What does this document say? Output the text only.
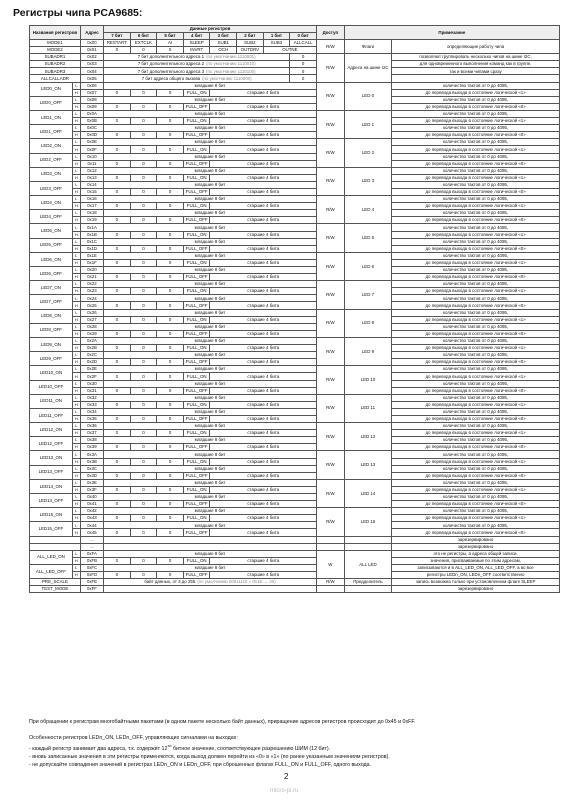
Регистры чипа PCA9685:
Названия регистров		Адрес	Данные регистров								Доступ	Примечание	
			7 бит	6 бит	5 бит	4 бит	3 бит	2 бит	1 бит	0 бит			
MODE1		0x00	RESTART	EXTCLK	AI	SLEEP	SUB1	SUB2	SUB3	ALLCALL	R/W	Флаги	определяющие работу чипа
MODE2		0x01	0	0	0	INVRT	OCH	OUTDRV	OUTNE				
SUBADR1		0x02	7 бит дополнительного адреса 1 (по умолчанию 1110001)							0	R/W	Адреса на шине I2C	позволяют группировать несколько чипов на шине I2C,
SUBADR2		0x03	7 бит дополнительного адреса 2 (по умолчанию 1110010)							0			для одновременного выполнения команд как в группе,
SUBADR3		0x04	7 бит дополнительного адреса 3 (по умолчанию 1110100)							0			так и всеми чипами сразу
ALLCALLADR		0x05	7 бит адреса общего вызова (по умолчанию 1110000)							0			
LED0_ON	L	0x06	младшие 8 бит								R/W	LED 0	количество тактов от 0 до 4095,
	H	0x07	0	0	0	FULL_ON	старшие 4 бита						до перевода выхода в состояние логической «1»
LED0_OFF	L	0x08	младшие 8 бит										количество тактов от 0 до 4095,
	H	0x09	0	0	0	FULL_OFF	старшие 4 бита						до перевода выхода в состояние логической «0»
LED1_ON	L	0x0A	младшие 8 бит								R/W	LED 1	количество тактов от 0 до 4095,
	H	0x0B	0	0	0	FULL_ON	старшие 4 бита						до перевода выхода в состояние логической «1»
LED1_OFF	L	0x0C	младшие 8 бит										количество тактов от 0 до 4095,
	H	0x0D	0	0	0	FULL_OFF	старшие 4 бита						до перевода выхода в состояние логической «0»
LED2_ON	L	0x0E	младшие 8 бит								R/W	LED 2	количество тактов от 0 до 4095,
	H	0x0F	0	0	0	FULL_ON	старшие 4 бита						до перевода выхода в состояние логической «1»
LED2_OFF	L	0x10	младшие 8 бит										количество тактов от 0 до 4095,
	H	0x11	0	0	0	FULL_OFF	старшие 4 бита						до перевода выхода в состояние логической «0»
LED3_ON	L	0x12	младшие 8 бит								R/W	LED 3	количество тактов от 0 до 4095,
	H	0x13	0	0	0	FULL_ON	старшие 4 бита						до перевода выхода в состояние логической «1»
LED3_OFF	L	0x14	младшие 8 бит										количество тактов от 0 до 4095,
	H	0x15	0	0	0	FULL_OFF	старшие 4 бита						до перевода выхода в состояние логической «0»
LED4_ON	L	0x16	младшие 8 бит								R/W	LED 4	количество тактов от 0 до 4095,
	H	0x17	0	0	0	FULL_ON	старшие 4 бита						до перевода выхода в состояние логической «1»
LED4_OFF	L	0x18	младшие 8 бит										количество тактов от 0 до 4095,
	H	0x19	0	0	0	FULL_OFF	старшие 4 бита						до перевода выхода в состояние логической «0»
LED5_ON	L	0x1A	младшие 8 бит								R/W	LED 5	количество тактов от 0 до 4095,
	H	0x1B	0	0	0	FULL_ON	старшие 4 бита						до перевода выхода в состояние логической «1»
LED5_OFF	L	0x1C	младшие 8 бит										количество тактов от 0 до 4095,
	H	0x1D	0	0	0	FULL_OFF	старшие 4 бита						до перевода выхода в состояние логической «0»
LED6_ON	L	0x1E	младшие 8 бит								R/W	LED 6	количество тактов от 0 до 4095,
	H	0x1F	0	0	0	FULL_ON	старшие 4 бита						до перевода выхода в состояние логической «1»
LED6_OFF	L	0x20	младшие 8 бит										количество тактов от 0 до 4095,
	H	0x21	0	0	0	FULL_OFF	старшие 4 бита						до перевода выхода в состояние логической «0»
LED7_ON	L	0x22	младшие 8 бит								R/W	LED 7	количество тактов от 0 до 4095,
	H	0x23	0	0	0	FULL_ON	старшие 4 бита						до перевода выхода в состояние логической «1»
LED7_OFF	L	0x24	младшие 8 бит										количество тактов от 0 до 4095,
	H	0x25	0	0	0	FULL_OFF	старшие 4 бита						до перевода выхода в состояние логической «0»
LED8_ON	L	0x26	младшие 8 бит								R/W	LED 8	количество тактов от 0 до 4095,
	H	0x27	0	0	0	FULL_ON	старшие 4 бита						до перевода выхода в состояние логической «1»
LED8_OFF	L	0x28	младшие 8 бит										количество тактов от 0 до 4095,
	H	0x29	0	0	0	FULL_OFF	старшие 4 бита						до перевода выхода в состояние логической «0»
LED9_ON	L	0x2A	младшие 8 бит								R/W	LED 9	количество тактов от 0 до 4095,
	H	0x2B	0	0	0	FULL_ON	старшие 4 бита						до перевода выхода в состояние логической «1»
LED9_OFF	L	0x2C	младшие 8 бит										количество тактов от 0 до 4095,
	H	0x2D	0	0	0	FULL_OFF	старшие 4 бита						до перевода выхода в состояние логической «0»
LED10_ON	L	0x2E	младшие 8 бит								R/W	LED 10	количество тактов от 0 до 4095,
	H	0x2F	0	0	0	FULL_ON	старшие 4 бита						до перевода выхода в состояние логической «1»
LED10_OFF	L	0x30	младшие 8 бит										количество тактов от 0 до 4095,
	H	0x31	0	0	0	FULL_OFF	старшие 4 бита						до перевода выхода в состояние логической «0»
LED11_ON	L	0x32	младшие 8 бит								R/W	LED 11	количество тактов от 0 до 4095,
	H	0x33	0	0	0	FULL_ON	старшие 4 бита						до перевода выхода в состояние логической «1»
LED11_OFF	L	0x34	младшие 8 бит										количество тактов от 0 до 4095,
	H	0x35	0	0	0	FULL_OFF	старшие 4 бита						до перевода выхода в состояние логической «0»
LED12_ON	L	0x36	младшие 8 бит								R/W	LED 12	количество тактов от 0 до 4095,
	H	0x37	0	0	0	FULL_ON	старшие 4 бита						до перевода выхода в состояние логической «1»
LED12_OFF	L	0x38	младшие 8 бит										количество тактов от 0 до 4095,
	H	0x39	0	0	0	FULL_OFF	старшие 4 бита						до перевода выхода в состояние логической «0»
LED13_ON	L	0x3A	младшие 8 бит								R/W	LED 13	количество тактов от 0 до 4095,
	H	0x3B	0	0	0	FULL_ON	старшие 4 бита						до перевода выхода в состояние логической «1»
LED13_OFF	L	0x3C	младшие 8 бит										количество тактов от 0 до 4095,
	H	0x3D	0	0	0	FULL_OFF	старшие 4 бита						до перевода выхода в состояние логической «0»
LED14_ON	L	0x3E	младшие 8 бит								R/W	LED 14	количество тактов от 0 до 4095,
	H	0x3F	0	0	0	FULL_ON	старшие 4 бита						до перевода выхода в состояние логической «1»
LED14_OFF	L	0x40	младшие 8 бит										количество тактов от 0 до 4095,
	H	0x41	0	0	0	FULL_OFF	старшие 4 бита						до перевода выхода в состояние логической «0»
LED15_ON	L	0x42	младшие 8 бит								R/W	LED 15	количество тактов от 0 до 4095,
	H	0x43	0	0	0	FULL_ON	старшие 4 бита						до перевода выхода в состояние логической «1»
LED15_OFF	L	0x44	младшие 8 бит										количество тактов от 0 до 4095,
	H	0x45	0	0	0	FULL_OFF	старшие 4 бита						до перевода выхода в состояние логической «0»
		...											зарезервировано
		...											зарезервировано
ALL_LED_ON	L	0xFA	младшие 8 бит								W	ALL LED	это не регистры, а адреса общей записи.
	H	0xFB	0	0	0	FULL_ON	старшие 4 бита						значения, присваиваемые по этим адресам,
ALL_LED_OFF	L	0xFC	младшие 8 бит										записываются и в ALL_LED_ON, ALL_LED_OFF, а во все
	H	0xFD	0	0	0	FULL_OFF	старшие 4 бита						регистры LEDn_ON, LEDn_OFF соответственно
PRE_SCALE		0xFE	байт данных, от 3 до 255 (по умолчанию 00011110 = 0x1E → 30)								R/W	Предделитель	запись возможна только при установленном флаге SLEEP
TEST_MODE		0xFF											зарезервировано
При обращении к регистрам многобайтными пакетами (в одном пакете несколько байт данных), приращение адресов регистров происходит до 0x45 и 0xFF.
Особенности регистров LEDn_ON, LEDn_OFF, управляющих сигналами на выходах:
- каждый регистр занимает два адреса, т.к. содержит $12^{ти}$ битное значение, соответствующее разрешению ШИМ (12 бит).
- вновь записанные значения в эти регистры применяются, когда выход должен перейти из «0» в «1» (по ранее указанным значениям регистров).
- не допускайте совпадения значений в регистрах LEDn_ON и LEDn_OFF, при сброшенных флагах FULL_ON и FULL_OFF, одного выхода.
2
micro-pi.ru
